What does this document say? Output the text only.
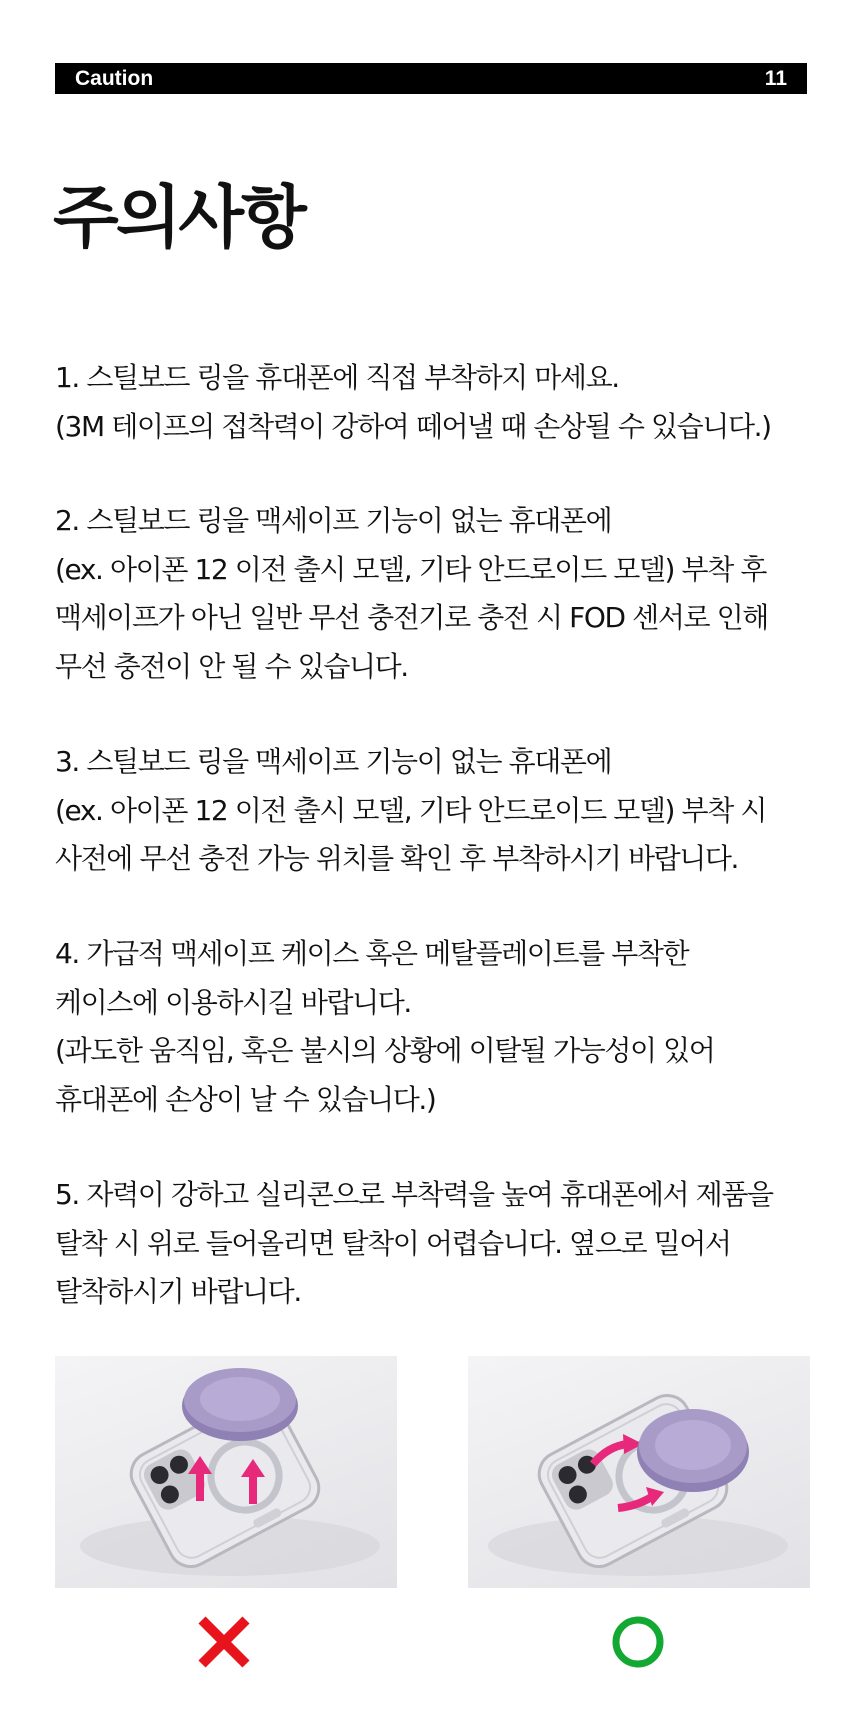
Caution	11
주의사항

1. 스틸보드 링을 휴대폰에 직접 부착하지 마세요.

(3M 테이프의 접착력이 강하여 떼어낼 때 손상될 수 있습니다.)

2. 스틸보드 링을 맥세이프 기능이 없는 휴대폰에

(ex. 아이폰 12 이전 출시 모델, 기타 안드로이드 모델) 부착 후

맥세이프가 아닌 일반 무선 충전기로 충전 시 FOD 센서로 인해

무선 충전이 안 될 수 있습니다.

3. 스틸보드 링을 맥세이프 기능이 없는 휴대폰에

(ex. 아이폰 12 이전 출시 모델, 기타 안드로이드 모델) 부착 시

사전에 무선 충전 가능 위치를 확인 후 부착하시기 바랍니다.

4. 가급적 맥세이프 케이스 혹은 메탈플레이트를 부착한

케이스에 이용하시길 바랍니다.

(과도한 움직임, 혹은 불시의 상황에 이탈될 가능성이 있어

휴대폰에 손상이 날 수 있습니다.)

5. 자력이 강하고 실리콘으로 부착력을 높여 휴대폰에서 제품을

탈착 시 위로 들어올리면 탈착이 어렵습니다. 옆으로 밀어서

탈착하시기 바랍니다.
